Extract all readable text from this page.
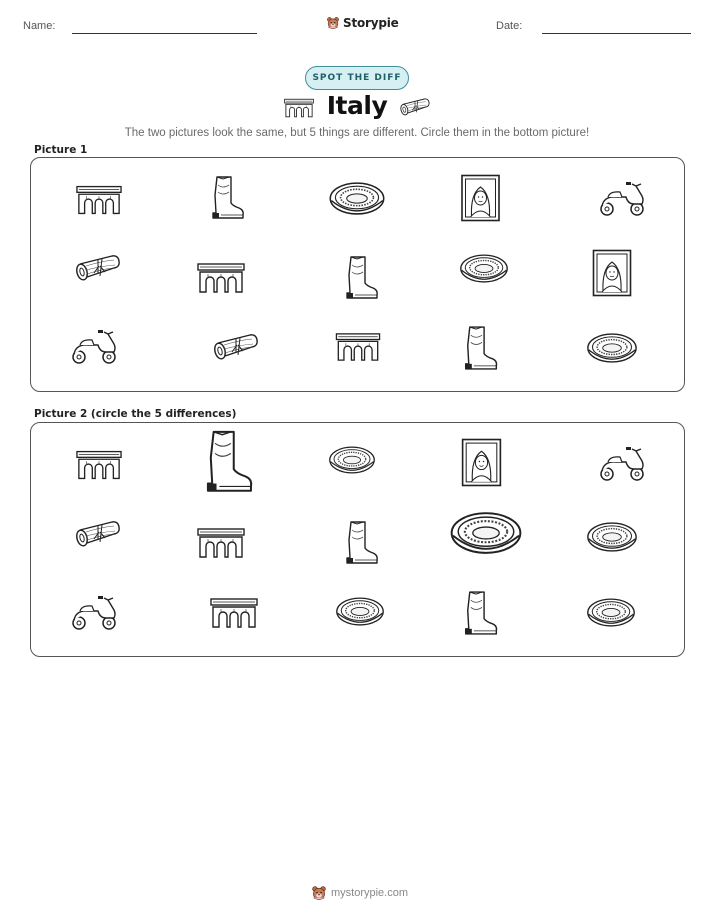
Name:	Storypie	Date:
SPOT THE DIFF
Italy
The two pictures look the same, but 5 things are different. Circle them in the bottom picture!
Picture 1
Picture 2 (circle the 5 differences)
mystorypie.com
